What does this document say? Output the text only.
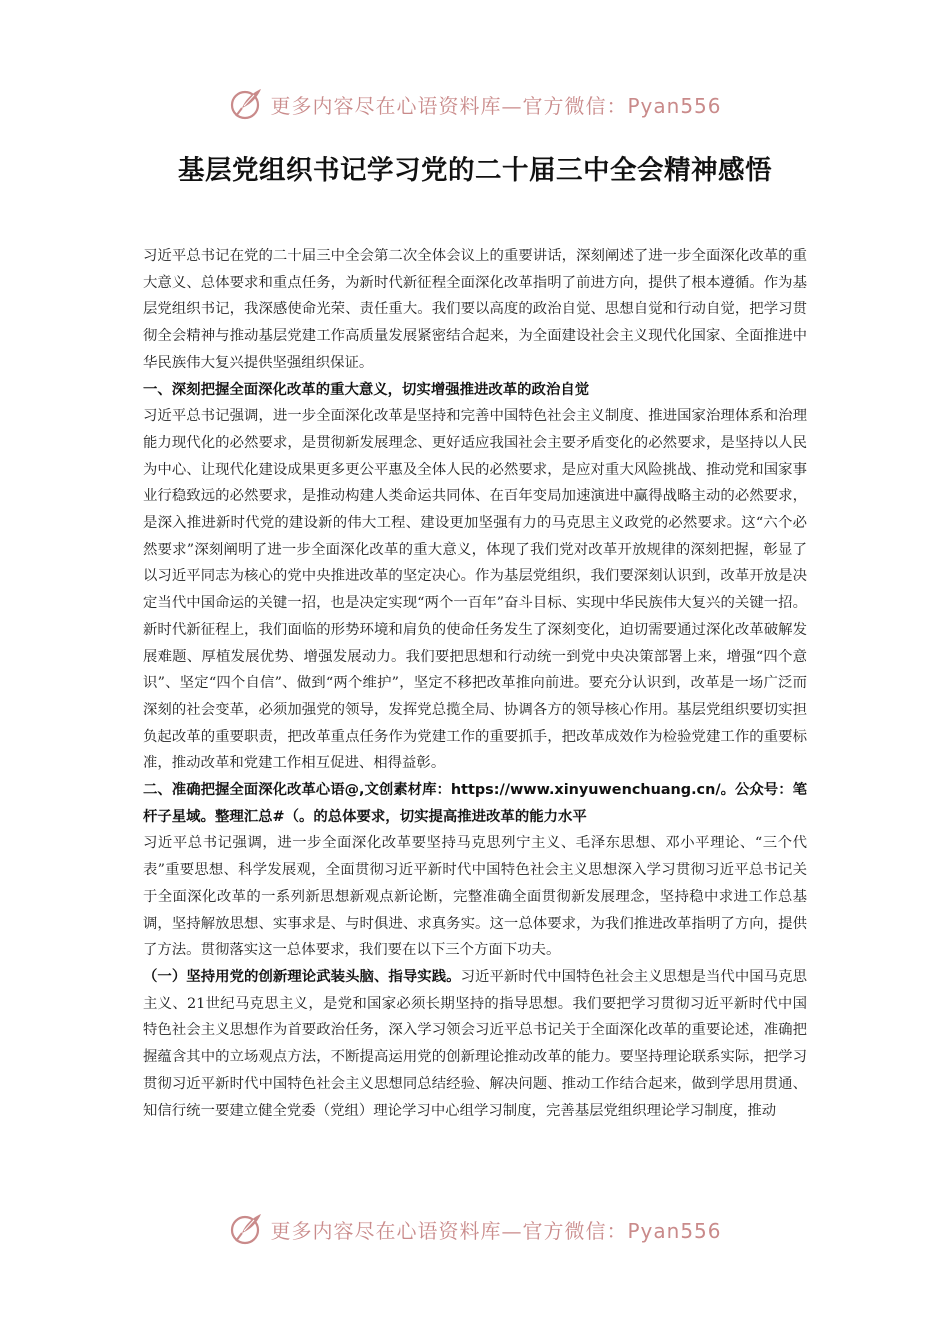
更多内容尽在心语资料库—官方微信：Pyan556
基层党组织书记学习党的二十届三中全会精神感悟

习近平总书记在党的二十届三中全会第二次全体会议上的重要讲话，深刻阐述了进一步全面深化改革的重大意义、总体要求和重点任务，为新时代新征程全面深化改革指明了前进方向，提供了根本遵循。作为基层党组织书记，我深感使命光荣、责任重大。我们要以高度的政治自觉、思想自觉和行动自觉，把学习贯彻全会精神与推动基层党建工作高质量发展紧密结合起来，为全面建设社会主义现代化国家、全面推进中华民族伟大复兴提供坚强组织保证。

一、深刻把握全面深化改革的重大意义，切实增强推进改革的政治自觉

习近平总书记强调，进一步全面深化改革是坚持和完善中国特色社会主义制度、推进国家治理体系和治理能力现代化的必然要求，是贯彻新发展理念、更好适应我国社会主要矛盾变化的必然要求，是坚持以人民为中心、让现代化建设成果更多更公平惠及全体人民的必然要求，是应对重大风险挑战、推动党和国家事业行稳致远的必然要求，是推动构建人类命运共同体、在百年变局加速演进中赢得战略主动的必然要求，是深入推进新时代党的建设新的伟大工程、建设更加坚强有力的马克思主义政党的必然要求。这“六个必然要求”深刻阐明了进一步全面深化改革的重大意义，体现了我们党对改革开放规律的深刻把握，彰显了以习近平同志为核心的党中央推进改革的坚定决心。作为基层党组织，我们要深刻认识到，改革开放是决定当代中国命运的关键一招，也是决定实现“两个一百年”奋斗目标、实现中华民族伟大复兴的关键一招。新时代新征程上，我们面临的形势环境和肩负的使命任务发生了深刻变化，迫切需要通过深化改革破解发展难题、厚植发展优势、增强发展动力。我们要把思想和行动统一到党中央决策部署上来，增强“四个意识”、坚定“四个自信”、做到“两个维护”，坚定不移把改革推向前进。要充分认识到，改革是一场广泛而深刻的社会变革，必须加强党的领导，发挥党总揽全局、协调各方的领导核心作用。基层党组织要切实担负起改革的重要职责，把改革重点任务作为党建工作的重要抓手，把改革成效作为检验党建工作的重要标准，推动改革和党建工作相互促进、相得益彰。

二、准确把握全面深化改革心语@,文创素材库：https://www.xinyuwenchuang.cn/。公众号：笔杆子星域。整理汇总#（。的总体要求，切实提高推进改革的能力水平

习近平总书记强调，进一步全面深化改革要坚持马克思列宁主义、毛泽东思想、邓小平理论、“三个代表”重要思想、科学发展观，全面贯彻习近平新时代中国特色社会主义思想深入学习贯彻习近平总书记关于全面深化改革的一系列新思想新观点新论断，完整准确全面贯彻新发展理念，坚持稳中求进工作总基调，坚持解放思想、实事求是、与时俱进、求真务实。这一总体要求，为我们推进改革指明了方向，提供了方法。贯彻落实这一总体要求，我们要在以下三个方面下功夫。

（一）坚持用党的创新理论武装头脑、指导实践。习近平新时代中国特色社会主义思想是当代中国马克思主义、21世纪马克思主义，是党和国家必须长期坚持的指导思想。我们要把学习贯彻习近平新时代中国特色社会主义思想作为首要政治任务，深入学习领会习近平总书记关于全面深化改革的重要论述，准确把握蕴含其中的立场观点方法，不断提高运用党的创新理论推动改革的能力。要坚持理论联系实际，把学习贯彻习近平新时代中国特色社会主义思想同总结经验、解决问题、推动工作结合起来，做到学思用贯通、知信行统一要建立健全党委（党组）理论学习中心组学习制度，完善基层党组织理论学习制度，推动

更多内容尽在心语资料库—官方微信：Pyan556
